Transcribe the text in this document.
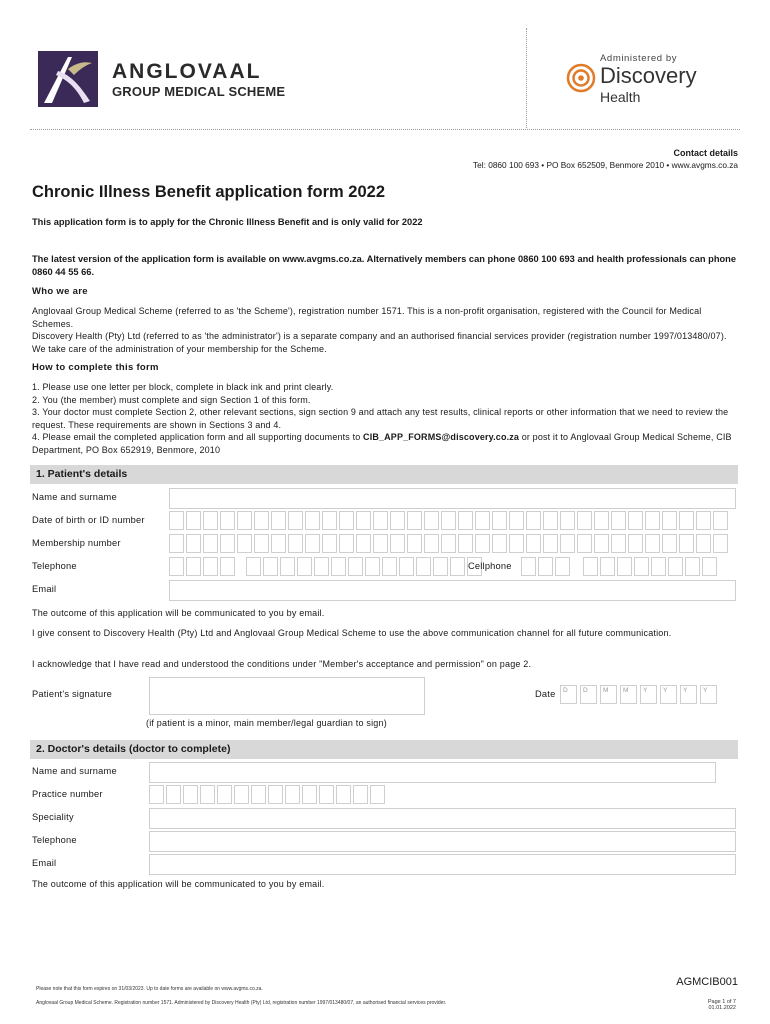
ANGLOVAAL
GROUP MEDICAL SCHEME
Administered by
Discovery
Health
Contact details
Tel: 0860 100 693 • PO Box 652509, Benmore 2010 • www.avgms.co.za
Chronic Illness Benefit application form 2022
This application form is to apply for the Chronic Illness Benefit and is only valid for 2022
The latest version of the application form is available on www.avgms.co.za. Alternatively members can phone 0860 100 693 and health professionals can phone 0860 44 55 66.
Who we are

Anglovaal Group Medical Scheme (referred to as 'the Scheme'), registration number 1571. This is a non-profit organisation, registered with the Council for Medical Schemes.

Discovery Health (Pty) Ltd (referred to as 'the administrator') is a separate company and an authorised financial services provider (registration number 1997/013480/07). We take care of the administration of your membership for the Scheme.

How to complete this form

1. Please use one letter per block, complete in black ink and print clearly.

2. You (the member) must complete and sign Section 1 of this form.

3. Your doctor must complete Section 2, other relevant sections, sign section 9 and attach any test results, clinical reports or other information that we need to review the request. These requirements are shown in Sections 3 and 4.

4. Please email the completed application form and all supporting documents to CIB_APP_FORMS@discovery.co.za or post it to Anglovaal Group Medical Scheme, CIB Department, PO Box 652919, Benmore, 2010

1. Patient's details
Name and surname
Date of birth or ID number
Membership number
Telephone	Cellphone
Email
The outcome of this application will be communicated to you by email.
I give consent to Discovery Health (Pty) Ltd and Anglovaal Group Medical Scheme to use the above communication channel for all future communication.
I acknowledge that I have read and understood the conditions under "Member's acceptance and permission" on page 2.
Patient's signature	Date	D	D	M	M	Y	Y	Y	Y
(if patient is a minor, main member/legal guardian to sign)
2. Doctor's details (doctor to complete)
Name and surname
Practice number
Speciality
Telephone
Email
The outcome of this application will be communicated to you by email.
AGMCIB001
Please note that this form expires on 31/03/2023. Up to date forms are available on www.avgms.co.za.
Anglovaal Group Medical Scheme. Registration number 1571. Administered by Discovery Health (Pty) Ltd, registration number 1997/013480/07, an authorised financial services provider.	Page 1 of 7
01.01.2022
